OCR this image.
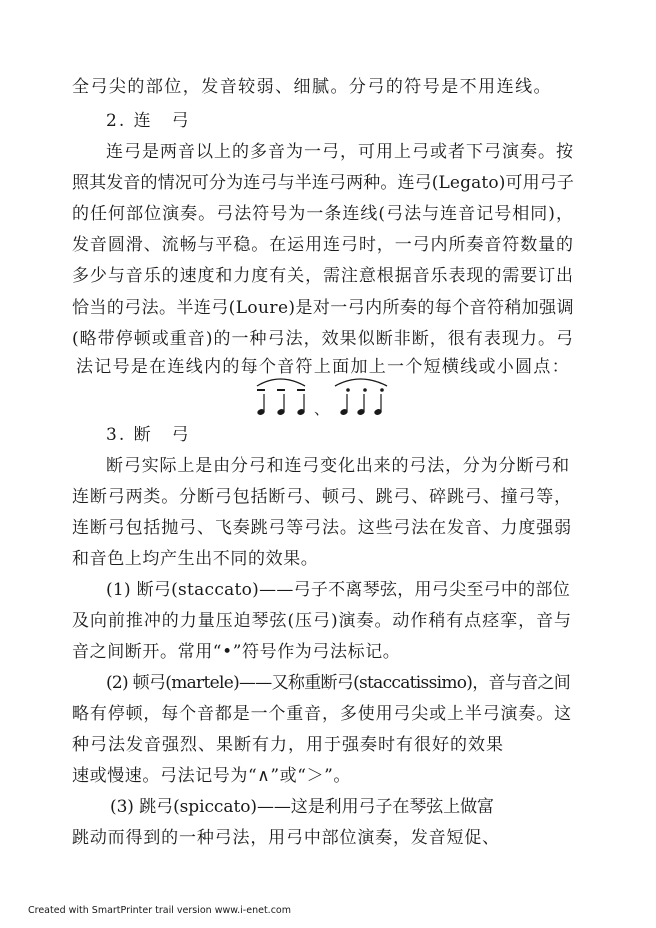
全弓尖的部位，发音较弱、细腻。分弓的符号是不用连线。
2. 连　弓
连弓是两音以上的多音为一弓，可用上弓或者下弓演奏。按
照其发音的情况可分为连弓与半连弓两种。连弓(Legato)可用弓子
的任何部位演奏。弓法符号为一条连线(弓法与连音记号相同)，
发音圆滑、流畅与平稳。在运用连弓时，一弓内所奏音符数量的
多少与音乐的速度和力度有关，需注意根据音乐表现的需要订出
恰当的弓法。半连弓(Loure)是对一弓内所奏的每个音符稍加强调
(略带停顿或重音)的一种弓法，效果似断非断，很有表现力。弓
法记号是在连线内的每个音符上面加上一个短横线或小圆点：
、
3. 断　弓
断弓实际上是由分弓和连弓变化出来的弓法，分为分断弓和
连断弓两类。分断弓包括断弓、顿弓、跳弓、碎跳弓、撞弓等，
连断弓包括抛弓、飞奏跳弓等弓法。这些弓法在发音、力度强弱
和音色上均产生出不同的效果。
(1) 断弓(staccato)——弓子不离琴弦，用弓尖至弓中的部位
及向前推冲的力量压迫琴弦(压弓)演奏。动作稍有点痉挛，音与
音之间断开。常用“•”符号作为弓法标记。
(2) 顿弓(martele)——又称重断弓(staccatissimo)，音与音之间
略有停顿，每个音都是一个重音，多使用弓尖或上半弓演奏。这
种弓法发音强烈、果断有力，用于强奏时有很好的效果
速或慢速。弓法记号为“∧”或“＞”。
(3) 跳弓(spiccato)——这是利用弓子在琴弦上做富
跳动而得到的一种弓法，用弓中部位演奏，发音短促、
Created with SmartPrinter trail version www.i-enet.com
